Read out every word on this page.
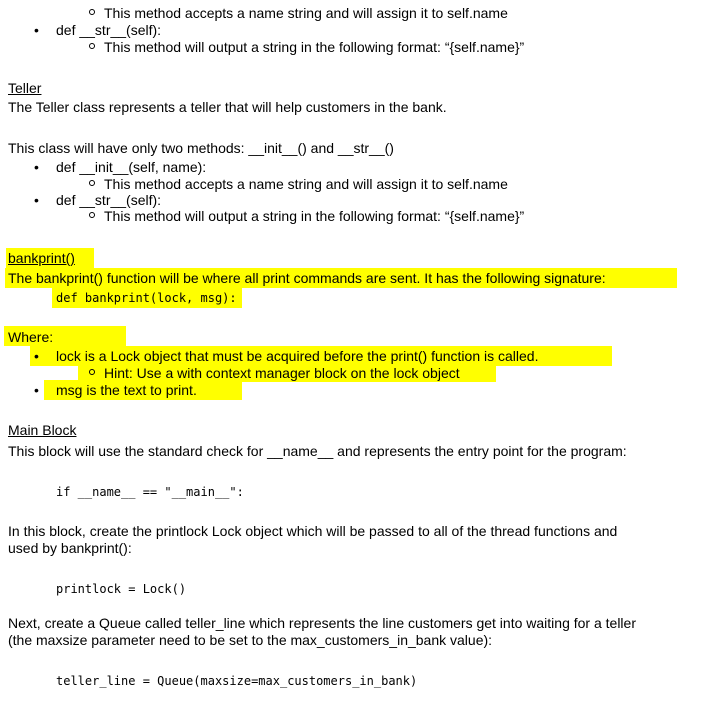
This method accepts a name string and will assign it to self.name
• def __str__(self):
This method will output a string in the following format: “{self.name}”
Teller
The Teller class represents a teller that will help customers in the bank.
This class will have only two methods: __init__() and __str__()
• def __init__(self, name):
This method accepts a name string and will assign it to self.name
• def __str__(self):
This method will output a string in the following format: “{self.name}”
bankprint()
The bankprint() function will be where all print commands are sent. It has the following signature:
def bankprint(lock, msg):
Where:
• lock is a Lock object that must be acquired before the print() function is called.
Hint: Use a with context manager block on the lock object
• msg is the text to print.
Main Block
This block will use the standard check for __name__ and represents the entry point for the program:
if __name__ == "__main__":
In this block, create the printlock Lock object which will be passed to all of the thread functions and
used by bankprint():
printlock = Lock()
Next, create a Queue called teller_line which represents the line customers get into waiting for a teller
(the maxsize parameter need to be set to the max_customers_in_bank value):
teller_line = Queue(maxsize=max_customers_in_bank)
